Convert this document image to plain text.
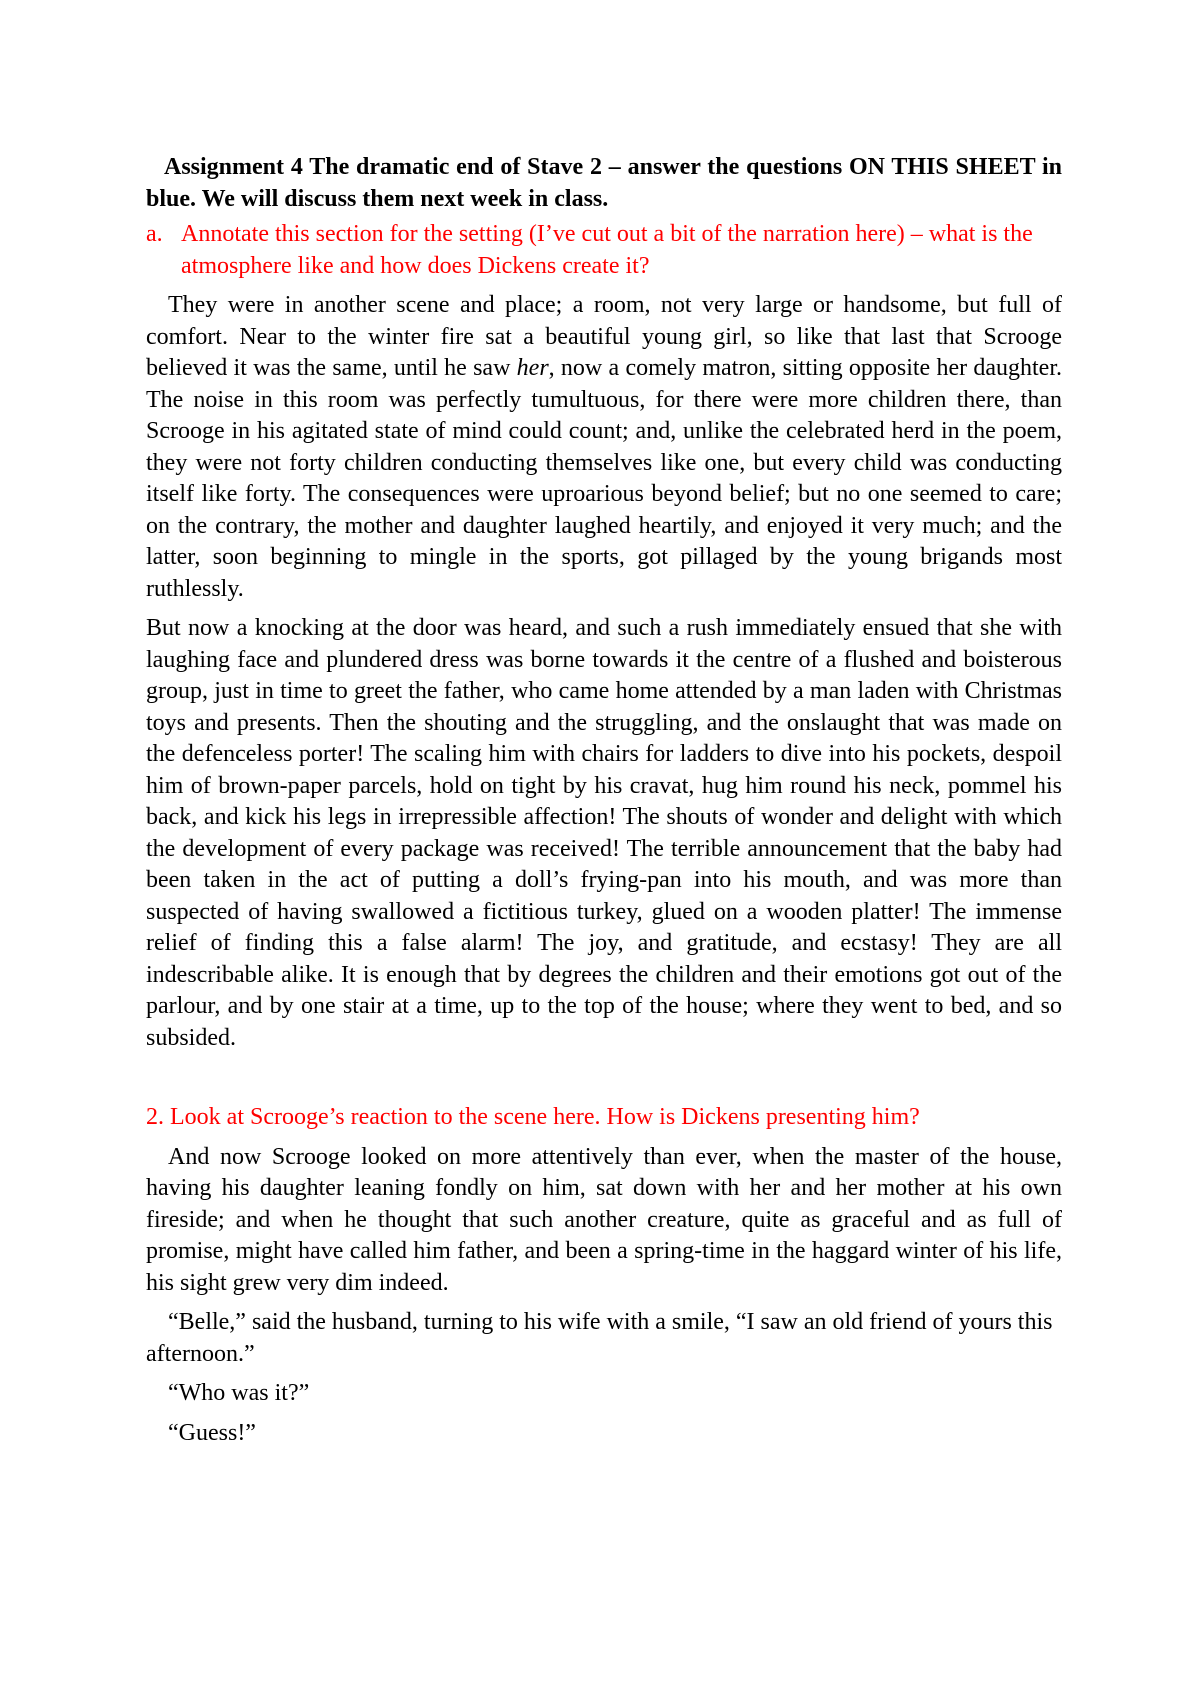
Assignment 4 The dramatic end of Stave 2 – answer the questions ON THIS SHEET in blue. We will discuss them next week in class.

a. Annotate this section for the setting (I’ve cut out a bit of the narration here) – what is the atmosphere like and how does Dickens create it?

They were in another scene and place; a room, not very large or handsome, but full of comfort. Near to the winter fire sat a beautiful young girl, so like that last that Scrooge believed it was the same, until he saw her, now a comely matron, sitting opposite her daughter. The noise in this room was perfectly tumultuous, for there were more children there, than Scrooge in his agitated state of mind could count; and, unlike the celebrated herd in the poem, they were not forty children conducting themselves like one, but every child was conducting itself like forty. The consequences were uproarious beyond belief; but no one seemed to care; on the contrary, the mother and daughter laughed heartily, and enjoyed it very much; and the latter, soon beginning to mingle in the sports, got pillaged by the young brigands most ruthlessly.

But now a knocking at the door was heard, and such a rush immediately ensued that she with laughing face and plundered dress was borne towards it the centre of a flushed and boisterous group, just in time to greet the father, who came home attended by a man laden with Christmas toys and presents. Then the shouting and the struggling, and the onslaught that was made on the defenceless porter! The scaling him with chairs for ladders to dive into his pockets, despoil him of brown-paper parcels, hold on tight by his cravat, hug him round his neck, pommel his back, and kick his legs in irrepressible affection! The shouts of wonder and delight with which the development of every package was received! The terrible announcement that the baby had been taken in the act of putting a doll’s frying-pan into his mouth, and was more than suspected of having swallowed a fictitious turkey, glued on a wooden platter! The immense relief of finding this a false alarm! The joy, and gratitude, and ecstasy! They are all indescribable alike. It is enough that by degrees the children and their emotions got out of the parlour, and by one stair at a time, up to the top of the house; where they went to bed, and so subsided.

2. Look at Scrooge’s reaction to the scene here. How is Dickens presenting him?

And now Scrooge looked on more attentively than ever, when the master of the house, having his daughter leaning fondly on him, sat down with her and her mother at his own fireside; and when he thought that such another creature, quite as graceful and as full of promise, might have called him father, and been a spring-time in the haggard winter of his life, his sight grew very dim indeed.

“Belle,” said the husband, turning to his wife with a smile, “I saw an old friend of yours this afternoon.”

“Who was it?”

“Guess!”
